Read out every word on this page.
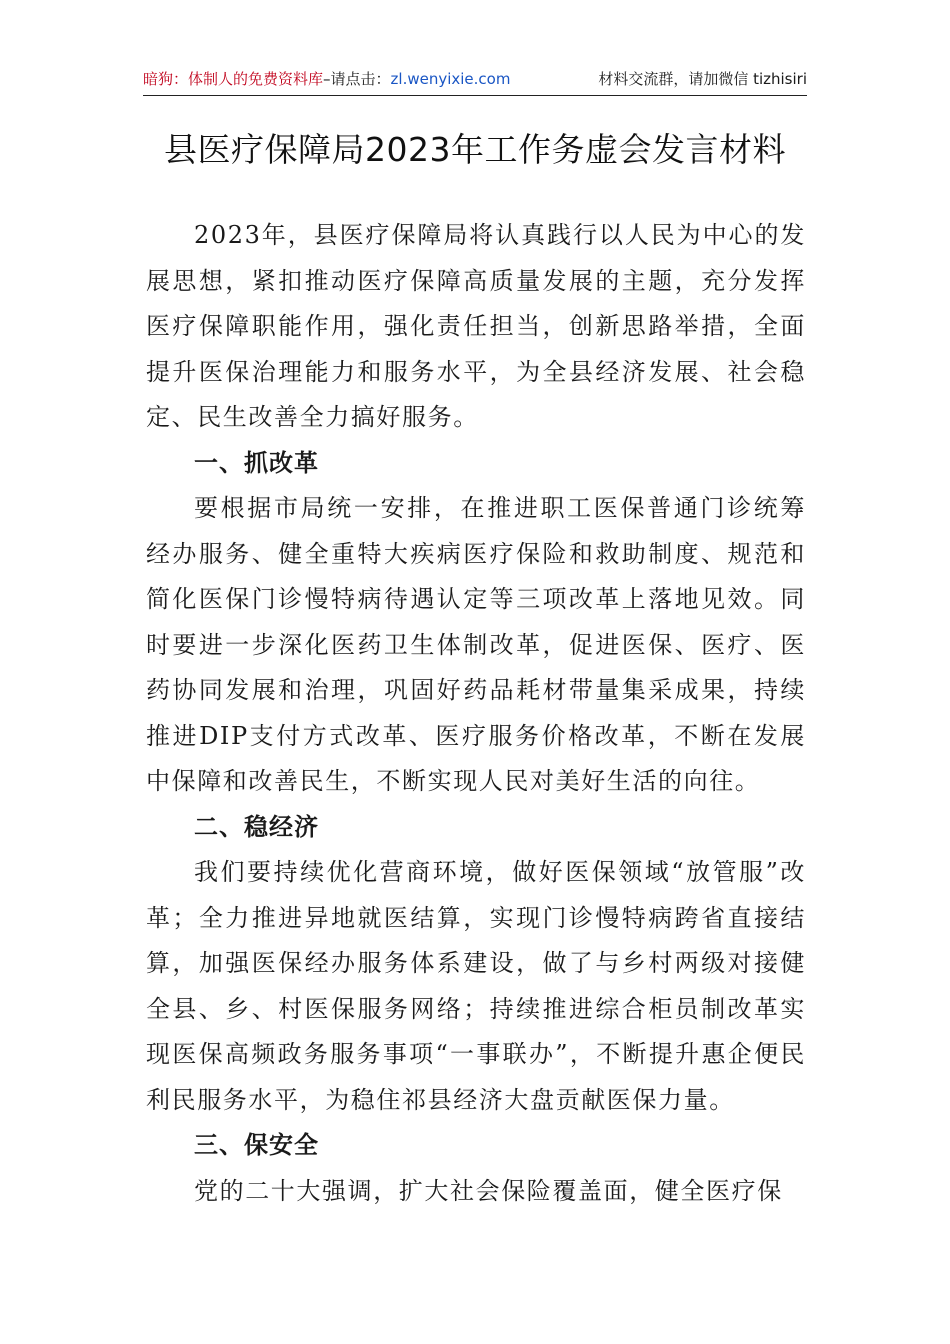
暗狗：体制人的免费资料库 –请点击： zl.wenyixie.com	材料交流群，请加微信 tizhisiri
县医疗保障局2023年工作务虚会发言材料

2023年，县医疗保障局将认真践行以人民为中心的发展思想，紧扣推动医疗保障高质量发展的主题，充分发挥医疗保障职能作用，强化责任担当，创新思路举措，全面提升医保治理能力和服务水平，为全县经济发展、社会稳定、民生改善全力搞好服务。

一、抓改革

要根据市局统一安排，在推进职工医保普通门诊统筹经办服务、健全重特大疾病医疗保险和救助制度、规范和简化医保门诊慢特病待遇认定等三项改革上落地见效。同时要进一步深化医药卫生体制改革，促进医保、医疗、医药协同发展和治理，巩固好药品耗材带量集采成果，持续推进DIP支付方式改革、医疗服务价格改革，不断在发展中保障和改善民生，不断实现人民对美好生活的向往。

二、稳经济

我们要持续优化营商环境，做好医保领域“放管服”改革；全力推进异地就医结算，实现门诊慢特病跨省直接结算，加强医保经办服务体系建设，做了与乡村两级对接健全县、乡、村医保服务网络；持续推进综合柜员制改革实现医保高频政务服务事项“一事联办”，不断提升惠企便民利民服务水平，为稳住祁县经济大盘贡献医保力量。

三、保安全

党的二十大强调，扩大社会保险覆盖面，健全医疗保
